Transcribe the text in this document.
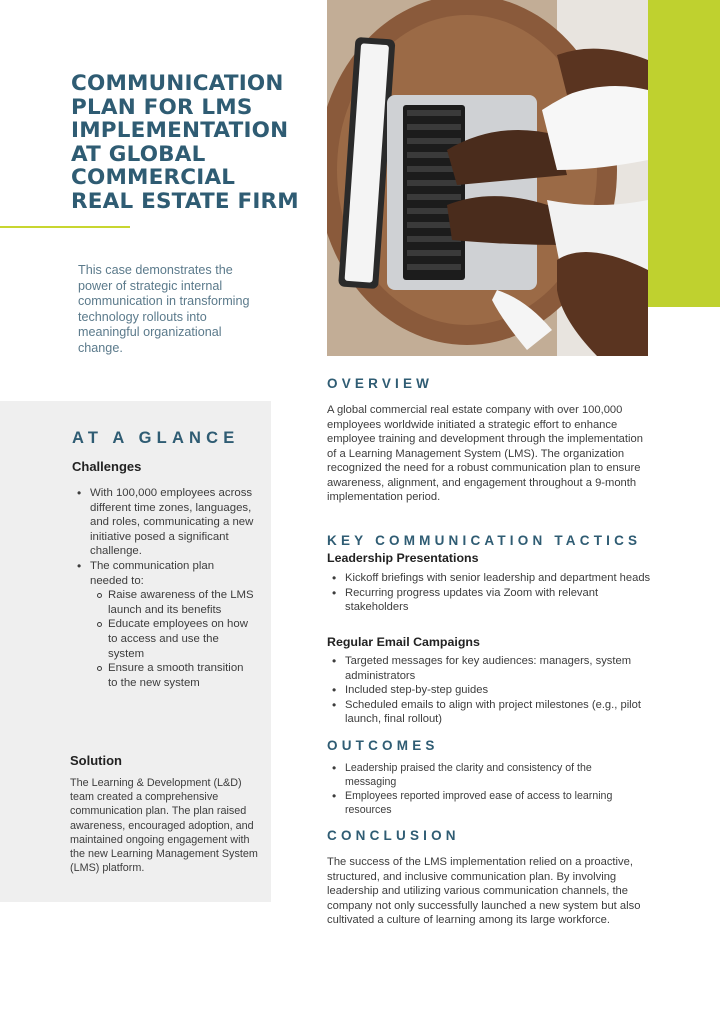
COMMUNICATION PLAN FOR LMS IMPLEMENTATION AT GLOBAL COMMERCIAL REAL ESTATE FIRM

This case demonstrates the power of strategic internal communication in transforming technology rollouts into meaningful organizational change.

AT A GLANCE
Challenges
• With 100,000 employees across different time zones, languages, and roles, communicating a new initiative posed a significant challenge.
• The communication plan needed to:
Raise awareness of the LMS launch and its benefits
Educate employees on how to access and use the system
Ensure a smooth transition to the new system
Solution

The Learning & Development (L&D) team created a comprehensive communication plan. The plan raised awareness, encouraged adoption, and maintained ongoing engagement with the new Learning Management System (LMS) platform.

OVERVIEW

A global commercial real estate company with over 100,000 employees worldwide initiated a strategic effort to enhance employee training and development through the implementation of a Learning Management System (LMS). The organization recognized the need for a robust communication plan to ensure awareness, alignment, and engagement throughout a 9-month implementation period.

KEY COMMUNICATION TACTICS
Leadership Presentations
• Kickoff briefings with senior leadership and department heads
• Recurring progress updates via Zoom with relevant stakeholders
Regular Email Campaigns
• Targeted messages for key audiences: managers, system administrators
• Included step-by-step guides
• Scheduled emails to align with project milestones (e.g., pilot launch, final rollout)
OUTCOMES
• Leadership praised the clarity and consistency of the messaging
• Employees reported improved ease of access to learning resources
CONCLUSION

The success of the LMS implementation relied on a proactive, structured, and inclusive communication plan. By involving leadership and utilizing various communication channels, the company not only successfully launched a new system but also cultivated a culture of learning among its large workforce.
